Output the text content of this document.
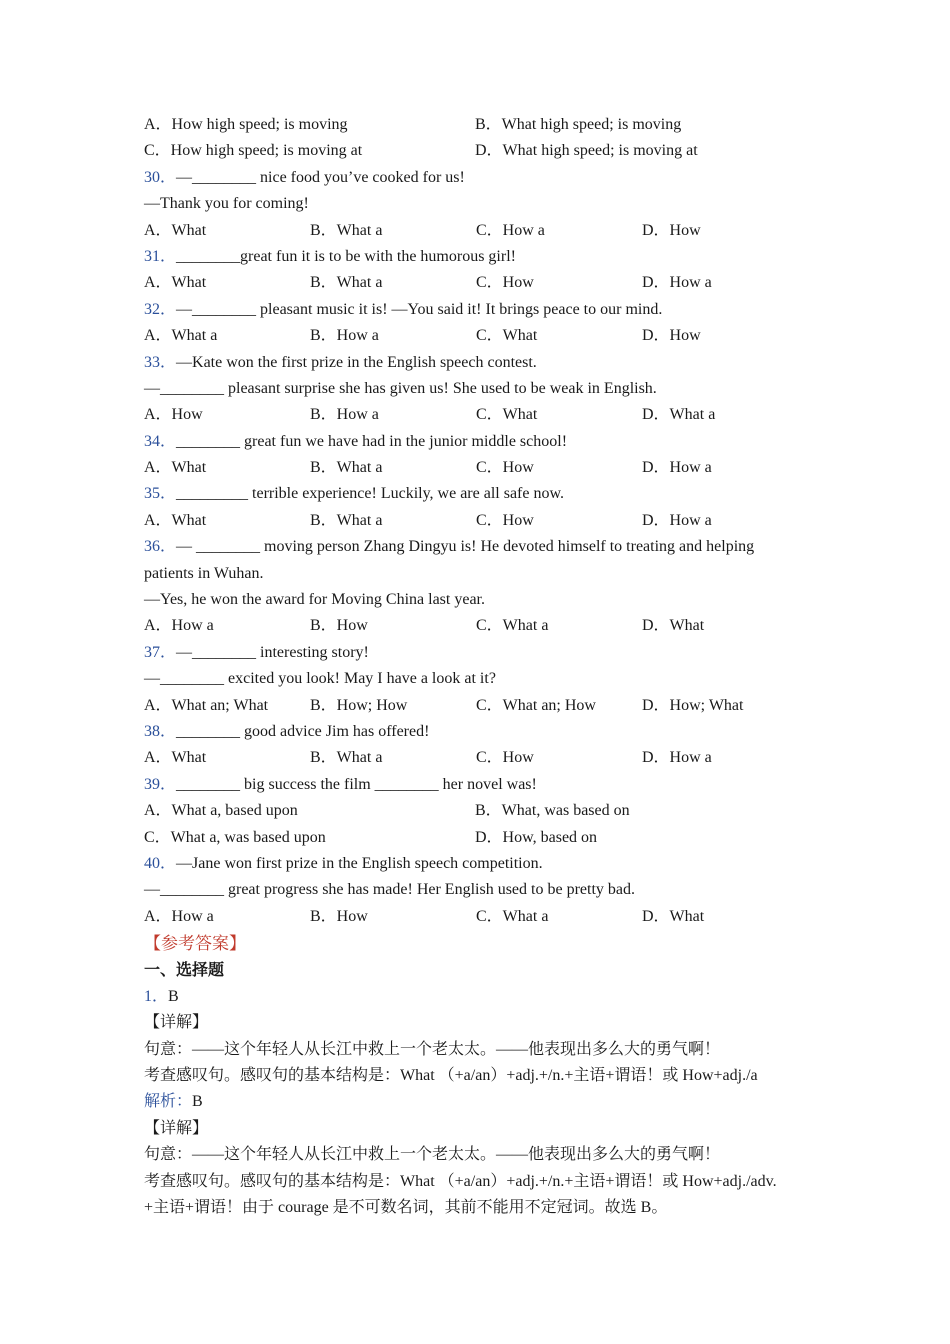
A．How high speed; is moving	B．What high speed; is moving
C．How high speed; is moving at	D．What high speed; is moving at
30．—________ nice food you’ve cooked for us!
—Thank you for coming!
A．What	B．What a	C．How a	D．How
31．________great fun it is to be with the humorous girl!
A．What	B．What a	C．How	D．How a
32．—________ pleasant music it is! —You said it! It brings peace to our mind.
A．What a	B．How a	C．What	D．How
33．—Kate won the first prize in the English speech contest.
—________ pleasant surprise she has given us! She used to be weak in English.
A．How	B．How a	C．What	D．What a
34．________ great fun we have had in the junior middle school!
A．What	B．What a	C．How	D．How a
35．_________ terrible experience! Luckily, we are all safe now.
A．What	B．What a	C．How	D．How a
36．— ________ moving person Zhang Dingyu is! He devoted himself to treating and helping
patients in Wuhan.
—Yes, he won the award for Moving China last year.
A．How a	B．How	C．What a	D．What
37．—________ interesting story!
—________ excited you look! May I have a look at it?
A．What an; What	B．How; How	C．What an; How	D．How; What
38．________ good advice Jim has offered!
A．What	B．What a	C．How	D．How a
39．________ big success the film ________ her novel was!
A．What a, based upon	B．What, was based on
C．What a, was based upon	D．How, based on
40．—Jane won first prize in the English speech competition.
—________ great progress she has made! Her English used to be pretty bad.
A．How a	B．How	C．What a	D．What
【参考答案】
一、选择题
1．B
【详解】
句意：——这个年轻人从长江中救上一个老太太。——他表现出多么大的勇气啊！
考查感叹句。感叹句的基本结构是：What （+a/an）+adj.+/n.+主语+谓语！或 How+adj./a
解析：B
【详解】
句意：——这个年轻人从长江中救上一个老太太。——他表现出多么大的勇气啊！
考查感叹句。感叹句的基本结构是：What （+a/an）+adj.+/n.+主语+谓语！或 How+adj./adv.
+主语+谓语！由于 courage 是不可数名词，其前不能用不定冠词。故选 B。
